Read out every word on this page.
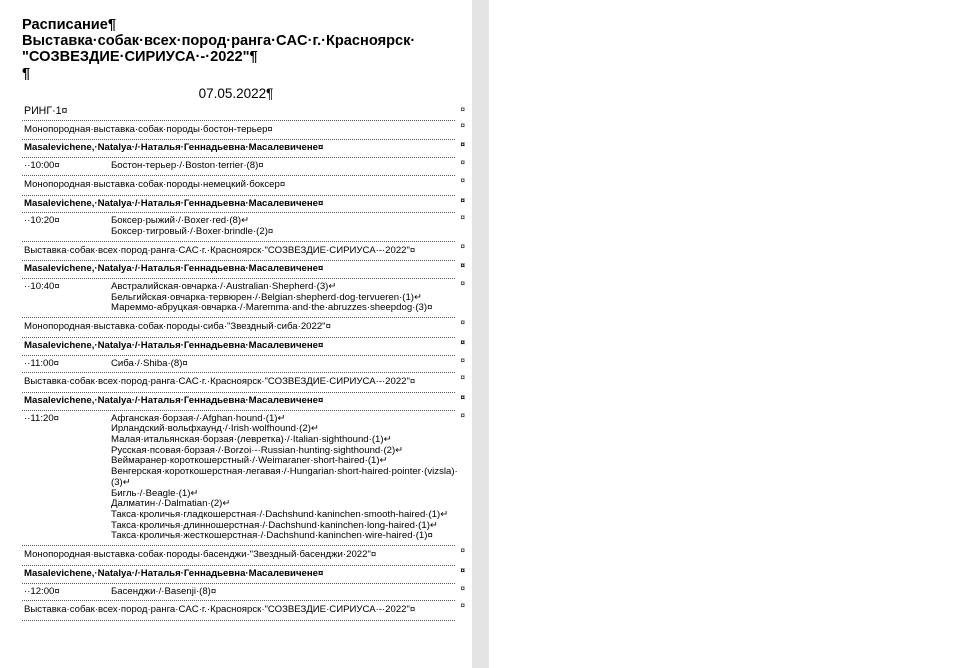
Расписание¶
Выставка·собак·всех·пород·ранга·CAC·г.·Красноярск·
"СОЗВЕЗДИЕ·СИРИУСА·-·2022"¶
¶
07.05.2022¶
РИНГ·1¤	¤
Монопородная·выставка·собак·породы·бостон-терьер¤	¤
Masalevichene,·Natalya·/·Наталья·Геннадьевна·Масалевичене¤	¤
··10:00¤	Бостон-терьер·/·Boston·terrier·(8)¤	¤
Монопородная·выставка·собак·породы·немецкий·боксер¤	¤
Masalevichene,·Natalya·/·Наталья·Геннадьевна·Масалевичене¤	¤
··10:20¤	Боксер·рыжий·/·Boxer·red·(8)↵
Боксер·тигровый·/·Boxer·brindle·(2)¤
¤
Выставка·собак·всех·пород·ранга·CAC·г.·Красноярск·"СОЗВЕЗДИЕ·СИРИУСА·-·2022"¤	¤
Masalevichene,·Natalya·/·Наталья·Геннадьевна·Масалевичене¤	¤
··10:40¤	Австралийская·овчарка·/·Australian·Shepherd·(3)↵
Бельгийская·овчарка·тервюрен·/·Belgian·shepherd·dog·tervueren·(1)↵
Мареммо-абруцкая·овчарка·/·Maremma·and·the·abruzzes·sheepdog·(3)¤
¤
Монопородная·выставка·собак·породы·сиба·"Звездный·сиба·2022"¤	¤
Masalevichene,·Natalya·/·Наталья·Геннадьевна·Масалевичене¤	¤
··11:00¤	Сиба·/·Shiba·(8)¤	¤
Выставка·собак·всех·пород·ранга·CAC·г.·Красноярск·"СОЗВЕЗДИЕ·СИРИУСА·-·2022"¤	¤
Masalevichene,·Natalya·/·Наталья·Геннадьевна·Масалевичене¤	¤
··11:20¤	Афганская·борзая·/·Afghan·hound·(1)↵
Ирландский·вольфхаунд·/·Irish·wolfhound·(2)↵
Малая·итальянская·борзая·(левретка)·/·Italian·sighthound·(1)↵
Русская·псовая·борзая·/·Borzoi·-·Russian·hunting·sighthound·(2)↵
Веймаранер·короткошерстный·/·Weimaraner·short-haired·(1)↵
Венгерская·короткошерстная·легавая·/·Hungarian·short-haired·pointer·(vizsla)·
(3)↵
Бигль·/·Beagle·(1)↵
Далматин·/·Dalmatian·(2)↵
Такса·кроличья·гладкошерстная·/·Dachshund·kaninchen·smooth-haired·(1)↵
Такса·кроличья·длинношерстная·/·Dachshund·kaninchen·long-haired·(1)↵
Такса·кроличья·жесткошерстная·/·Dachshund·kaninchen·wire-haired·(1)¤
¤
Монопородная·выставка·собак·породы·басенджи·"Звездный·басенджи·2022"¤	¤
Masalevichene,·Natalya·/·Наталья·Геннадьевна·Масалевичене¤	¤
··12:00¤	Басенджи·/·Basenji·(8)¤	¤
Выставка·собак·всех·пород·ранга·CAC·г.·Красноярск·"СОЗВЕЗДИЕ·СИРИУСА·-·2022"¤	¤
